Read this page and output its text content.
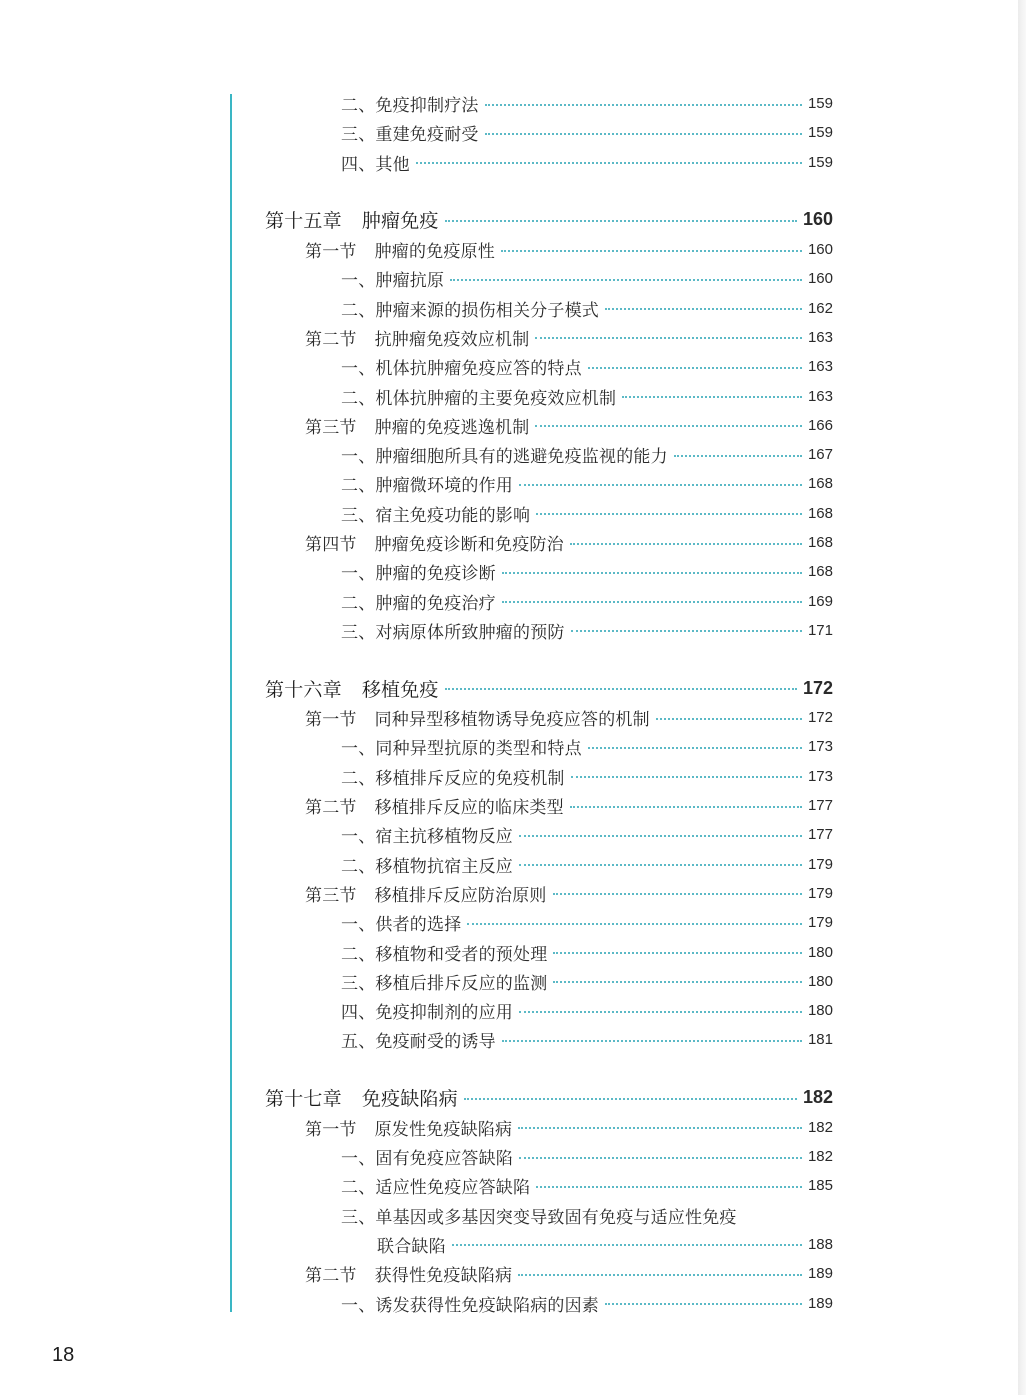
二、免疫抑制疗法	159
三、重建免疫耐受	159
四、其他	159
第十五章 肿瘤免疫	160
第一节 肿瘤的免疫原性	160
一、肿瘤抗原	160
二、肿瘤来源的损伤相关分子模式	162
第二节 抗肿瘤免疫效应机制	163
一、机体抗肿瘤免疫应答的特点	163
二、机体抗肿瘤的主要免疫效应机制	163
第三节 肿瘤的免疫逃逸机制	166
一、肿瘤细胞所具有的逃避免疫监视的能力	167
二、肿瘤微环境的作用	168
三、宿主免疫功能的影响	168
第四节 肿瘤免疫诊断和免疫防治	168
一、肿瘤的免疫诊断	168
二、肿瘤的免疫治疗	169
三、对病原体所致肿瘤的预防	171
第十六章 移植免疫	172
第一节 同种异型移植物诱导免疫应答的机制	172
一、同种异型抗原的类型和特点	173
二、移植排斥反应的免疫机制	173
第二节 移植排斥反应的临床类型	177
一、宿主抗移植物反应	177
二、移植物抗宿主反应	179
第三节 移植排斥反应防治原则	179
一、供者的选择	179
二、移植物和受者的预处理	180
三、移植后排斥反应的监测	180
四、免疫抑制剂的应用	180
五、免疫耐受的诱导	181
第十七章 免疫缺陷病	182
第一节 原发性免疫缺陷病	182
一、固有免疫应答缺陷	182
二、适应性免疫应答缺陷	185
三、单基因或多基因突变导致固有免疫与适应性免疫
联合缺陷	188
第二节 获得性免疫缺陷病	189
一、诱发获得性免疫缺陷病的因素	189
18
